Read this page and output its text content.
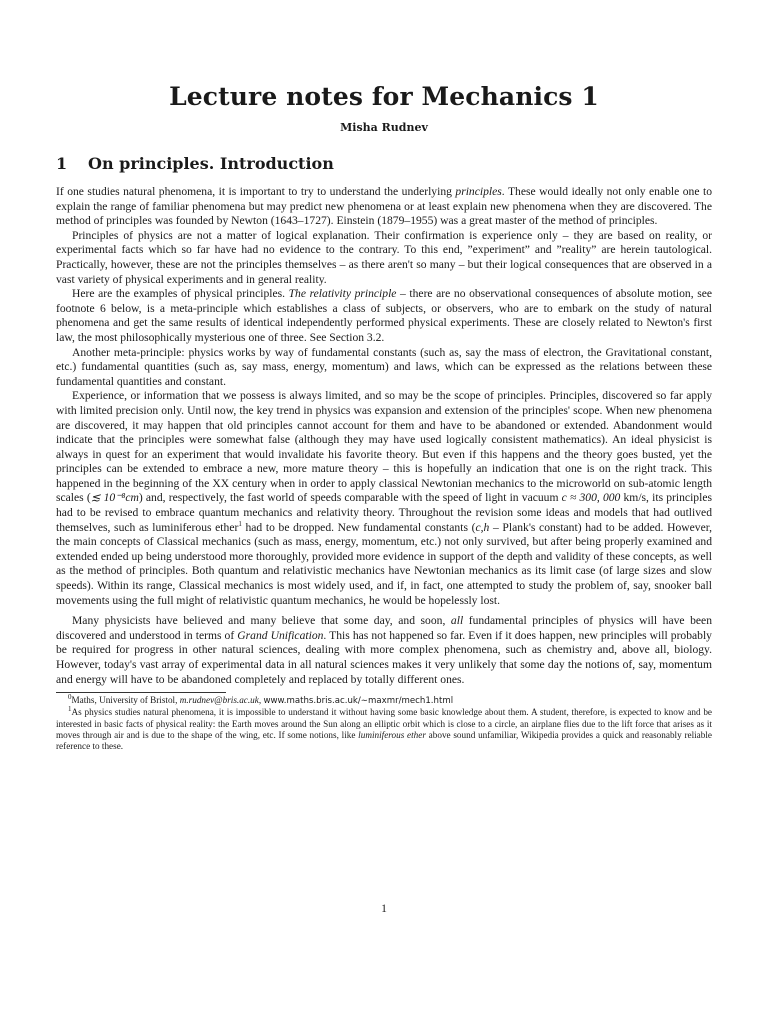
Lecture notes for Mechanics 1
Misha Rudnev
1 On principles. Introduction

If one studies natural phenomena, it is important to try to understand the underlying principles. These would ideally not only enable one to explain the range of familiar phenomena but may predict new phenomena or at least explain new phenomena when they are discovered. The method of principles was founded by Newton (1643–1727). Einstein (1879–1955) was a great master of the method of principles.

Principles of physics are not a matter of logical explanation. Their confirmation is experience only – they are based on reality, or experimental facts which so far have had no evidence to the contrary. To this end, ”experiment” and ”reality” are herein tautological. Practically, however, these are not the principles themselves – as there aren't so many – but their logical consequences that are observed in a vast variety of physical experiments and in general reality.

Here are the examples of physical principles. The relativity principle – there are no observational consequences of absolute motion, see footnote 6 below, is a meta-principle which establishes a class of subjects, or observers, who are to embark on the study of natural phenomena and get the same results of identical independently performed physical experiments. These are closely related to Newton's first law, the most philosophically mysterious one of three. See Section 3.2.

Another meta-principle: physics works by way of fundamental constants (such as, say the mass of electron, the Gravitational constant, etc.) fundamental quantities (such as, say mass, energy, momentum) and laws, which can be expressed as the relations between these fundamental quantities and constant.

Experience, or information that we possess is always limited, and so may be the scope of principles. Principles, discovered so far apply with limited precision only. Until now, the key trend in physics was expansion and extension of the principles' scope. When new phenomena are discovered, it may happen that old principles cannot account for them and have to be abandoned or extended. Abandonment would indicate that the principles were somewhat false (although they may have used logically consistent mathematics). An ideal physicist is always in quest for an experiment that would invalidate his favorite theory. But even if this happens and the theory goes busted, yet the principles can be extended to embrace a new, more mature theory – this is hopefully an indication that one is on the right track. This happened in the beginning of the XX century when in order to apply classical Newtonian mechanics to the microworld on sub-atomic length scales (≲ 10⁻⁸cm) and, respectively, the fast world of speeds comparable with the speed of light in vacuum c ≈ 300, 000 km/s, its principles had to be revised to embrace quantum mechanics and relativity theory. Throughout the revision some ideas and models that had outlived themselves, such as luminiferous ether$^1$ had to be dropped. New fundamental constants (c,h – Plank's constant) had to be added. However, the main concepts of Classical mechanics (such as mass, energy, momentum, etc.) not only survived, but after being properly examined and extended ended up being understood more thoroughly, provided more evidence in support of the depth and validity of these concepts, as well as the method of principles. Both quantum and relativistic mechanics have Newtonian mechanics as its limit case (of large sizes and slow speeds). Within its range, Classical mechanics is most widely used, and if, in fact, one attempted to study the problem of, say, snooker ball movements using the full might of relativistic quantum mechanics, he would be hopelessly lost.

Many physicists have believed and many believe that some day, and soon, all fundamental principles of physics will have been discovered and understood in terms of Grand Unification. This has not happened so far. Even if it does happen, new principles will probably be required for progress in other natural sciences, dealing with more complex phenomena, such as chemistry and, above all, biology. However, today's vast array of experimental data in all natural sciences makes it very unlikely that some day the notions of, say, momentum and energy will have to be abandoned completely and replaced by totally different ones.

$^0$Maths, University of Bristol, m.rudnev@bris.ac.uk, www.maths.bris.ac.uk/∼maxmr/mech1.html

$^1$As physics studies natural phenomena, it is impossible to understand it without having some basic knowledge about them. A student, therefore, is expected to know and be interested in basic facts of physical reality: the Earth moves around the Sun along an elliptic orbit which is close to a circle, an airplane flies due to the lift force that arises as it moves through air and is due to the shape of the wing, etc. If some notions, like luminiferous ether above sound unfamiliar, Wikipedia provides a quick and reasonably reliable reference to these.

1
